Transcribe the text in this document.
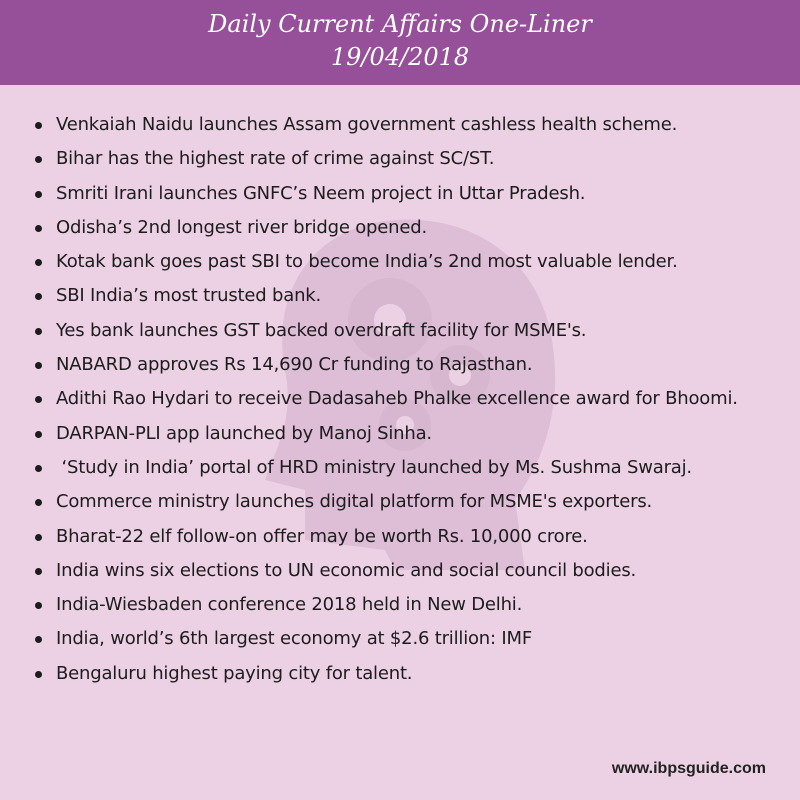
Daily Current Affairs One-Liner
19/04/2018
Venkaiah Naidu launches Assam government cashless health scheme.
Bihar has the highest rate of crime against SC/ST.
Smriti Irani launches GNFC’s Neem project in Uttar Pradesh.
Odisha’s 2nd longest river bridge opened.
Kotak bank goes past SBI to become India’s 2nd most valuable lender.
SBI India’s most trusted bank.
Yes bank launches GST backed overdraft facility for MSME's.
NABARD approves Rs 14,690 Cr funding to Rajasthan.
Adithi Rao Hydari to receive Dadasaheb Phalke excellence award for Bhoomi.
DARPAN-PLI app launched by Manoj Sinha.
‘Study in India’ portal of HRD ministry launched by Ms. Sushma Swaraj.
Commerce ministry launches digital platform for MSME's exporters.
Bharat-22 elf follow-on offer may be worth Rs. 10,000 crore.
India wins six elections to UN economic and social council bodies.
India-Wiesbaden conference 2018 held in New Delhi.
India, world’s 6th largest economy at $2.6 trillion: IMF
Bengaluru highest paying city for talent.
www.ibpsguide.com
